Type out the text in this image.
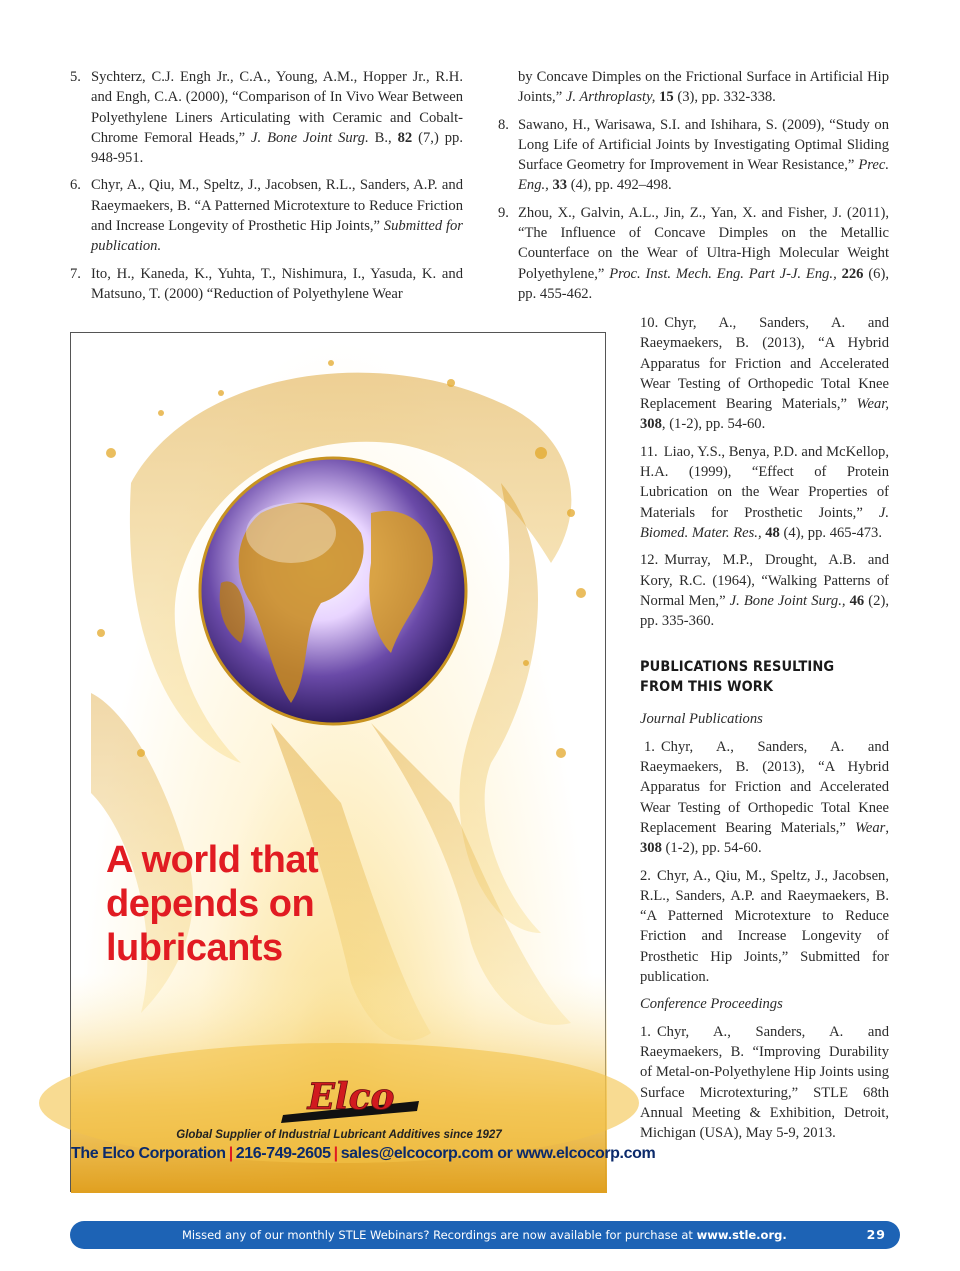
5. Sychterz, C.J. Engh Jr., C.A., Young, A.M., Hopper Jr., R.H. and Engh, C.A. (2000), “Comparison of In Vivo Wear Between Polyethylene Liners Articulating with Ceramic and Cobalt-Chrome Femoral Heads,” J. Bone Joint Surg. B., 82 (7,) pp. 948-951.
6. Chyr, A., Qiu, M., Speltz, J., Jacobsen, R.L., Sanders, A.P. and Raeymaekers, B. “A Patterned Microtexture to Reduce Friction and Increase Longevity of Prosthetic Hip Joints,” Submitted for publication.
7. Ito, H., Kaneda, K., Yuhta, T., Nishimura, I., Yasuda, K. and Matsuno, T. (2000) “Reduction of Polyethylene Wear
by Concave Dimples on the Frictional Surface in Artificial Hip Joints,” J. Arthroplasty, 15 (3), pp. 332-338.
8. Sawano, H., Warisawa, S.I. and Ishihara, S. (2009), “Study on Long Life of Artificial Joints by Investigating Optimal Sliding Surface Geometry for Improvement in Wear Resistance,” Prec. Eng., 33 (4), pp. 492–498.
9. Zhou, X., Galvin, A.L., Jin, Z., Yan, X. and Fisher, J. (2011), “The Influence of Concave Dimples on the Metallic Counterface on the Wear of Ultra-High Molecular Weight Polyethylene,” Proc. Inst. Mech. Eng. Part J-J. Eng., 226 (6), pp. 455-462.
10. Chyr, A., Sanders, A. and Raeymaekers, B. (2013), “A Hybrid Apparatus for Friction and Accelerated Wear Testing of Orthopedic Total Knee Replacement Bearing Materials,” Wear, 308, (1-2), pp. 54-60.
11. Liao, Y.S., Benya, P.D. and McKellop, H.A. (1999), “Effect of Protein Lubrication on the Wear Properties of Materials for Prosthetic Joints,” J. Biomed. Mater. Res., 48 (4), pp. 465-473.
12. Murray, M.P., Drought, A.B. and Kory, R.C. (1964), “Walking Patterns of Normal Men,” J. Bone Joint Surg., 46 (2), pp. 335-360.
PUBLICATIONS RESULTING FROM THIS WORK
Journal Publications
1. Chyr, A., Sanders, A. and Raeymaekers, B. (2013), “A Hybrid Apparatus for Friction and Accelerated Wear Testing of Orthopedic Total Knee Replacement Bearing Materials,” Wear, 308 (1-2), pp. 54-60.
2. Chyr, A., Qiu, M., Speltz, J., Jacobsen, R.L., Sanders, A.P. and Raeymaekers, B. “A Patterned Microtexture to Reduce Friction and Increase Longevity of Prosthetic Hip Joints,” Submitted for publication.
Conference Proceedings
1. Chyr, A., Sanders, A. and Raeymaekers, B. “Improving Durability of Metal-on-Polyethylene Hip Joints using Surface Microtexturing,” STLE 68th Annual Meeting & Exhibition, Detroit, Michigan (USA), May 5-9, 2013.
A world that
depends on
lubricants
Elco
Global Supplier of Industrial Lubricant Additives since 1927
The Elco Corporation | 216-749-2605 | sales@elcocorp.com or www.elcocorp.com
Missed any of our monthly STLE Webinars? Recordings are now available for purchase at www.stle.org.	29
